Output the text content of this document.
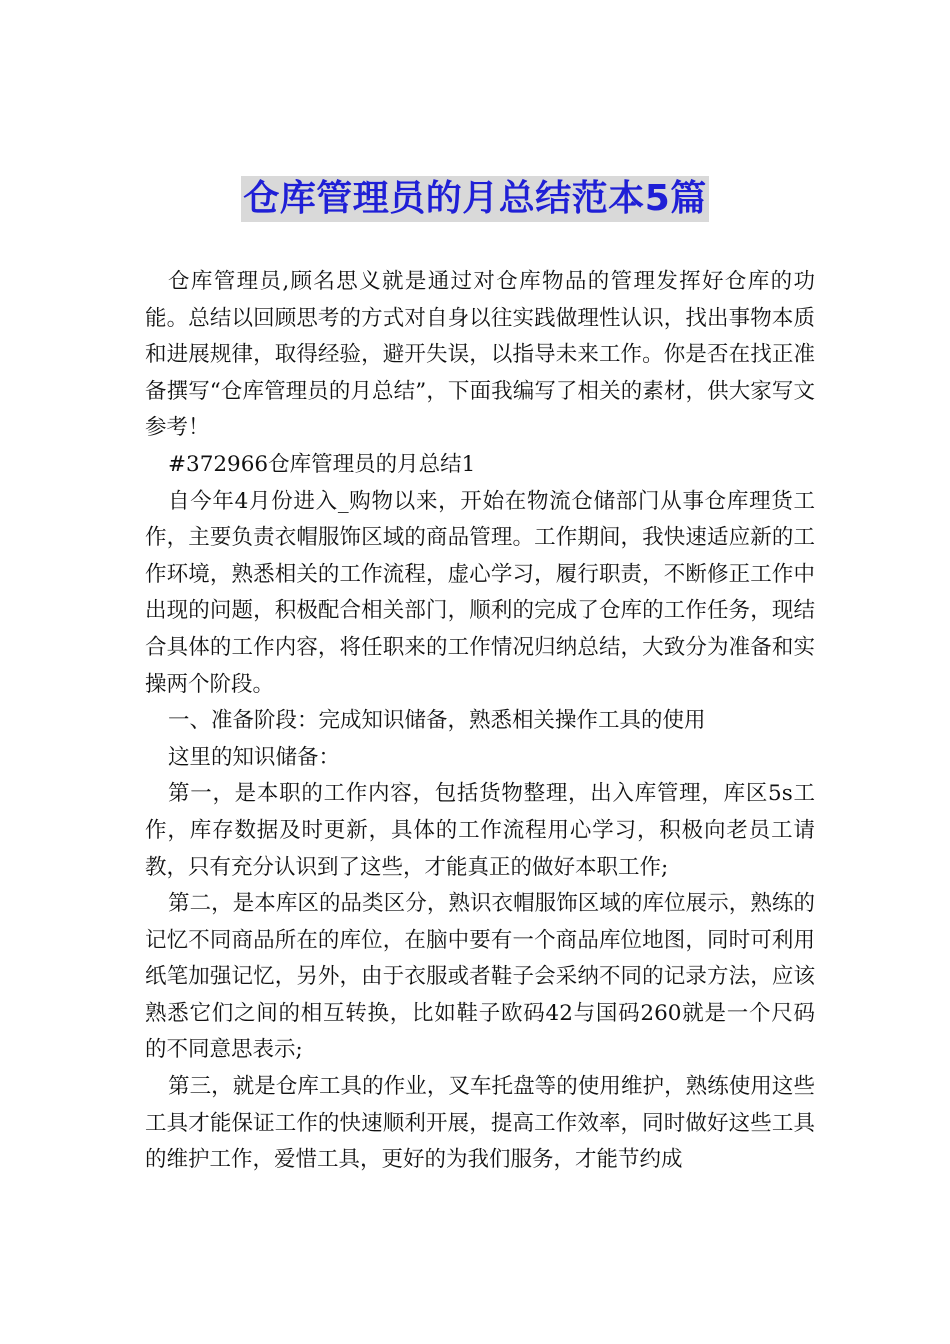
仓库管理员的月总结范本5篇

仓库管理员,顾名思义就是通过对仓库物品的管理发挥好仓库的功能。总结以回顾思考的方式对自身以往实践做理性认识，找出事物本质和进展规律，取得经验，避开失误，以指导未来工作。你是否在找正准备撰写“仓库管理员的月总结”，下面我编写了相关的素材，供大家写文参考！

#372966仓库管理员的月总结1

自今年4月份进入_购物以来，开始在物流仓储部门从事仓库理货工作，主要负责衣帽服饰区域的商品管理。工作期间，我快速适应新的工作环境，熟悉相关的工作流程，虚心学习，履行职责，不断修正工作中出现的问题，积极配合相关部门，顺利的完成了仓库的工作任务，现结合具体的工作内容，将任职来的工作情况归纳总结，大致分为准备和实操两个阶段。

一、准备阶段：完成知识储备，熟悉相关操作工具的使用

这里的知识储备：

第一，是本职的工作内容，包括货物整理，出入库管理，库区5s工作，库存数据及时更新，具体的工作流程用心学习，积极向老员工请教，只有充分认识到了这些，才能真正的做好本职工作;

第二，是本库区的品类区分，熟识衣帽服饰区域的库位展示，熟练的记忆不同商品所在的库位，在脑中要有一个商品库位地图，同时可利用纸笔加强记忆，另外，由于衣服或者鞋子会采纳不同的记录方法，应该熟悉它们之间的相互转换，比如鞋子欧码42与国码260就是一个尺码的不同意思表示;

第三，就是仓库工具的作业，叉车托盘等的使用维护，熟练使用这些工具才能保证工作的快速顺利开展，提高工作效率，同时做好这些工具的维护工作，爱惜工具，更好的为我们服务，才能节约成
